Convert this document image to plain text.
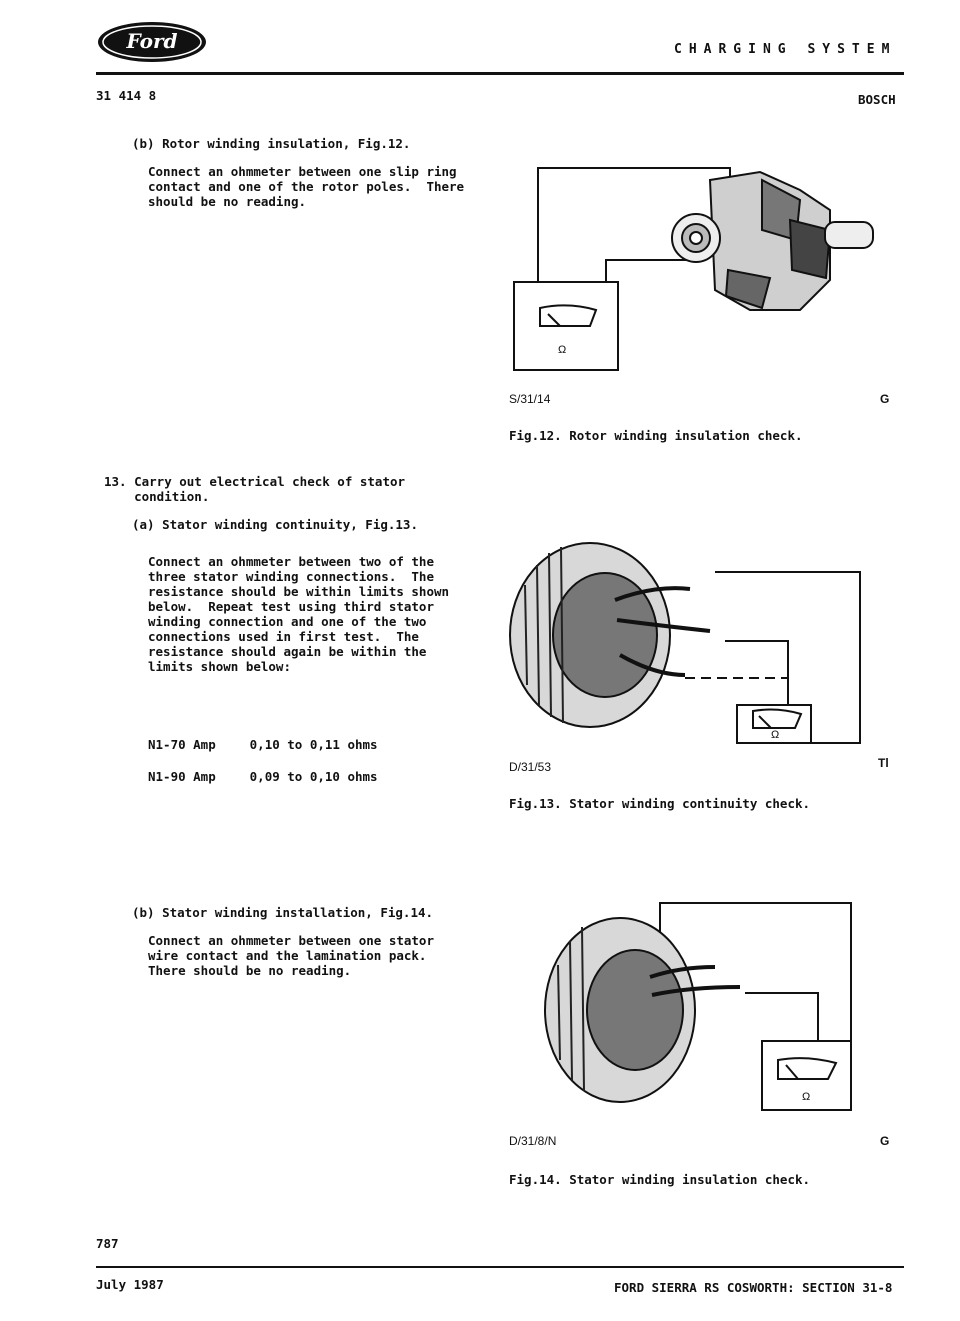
Ford	CHARGING SYSTEM
31 414 8	BOSCH
(b) Rotor winding insulation, Fig.12.
Connect an ohmmeter between one slip ring
contact and one of the rotor poles.  There
should be no reading.
13. Carry out electrical check of stator
condition.
(a) Stator winding continuity, Fig.13.
Connect an ohmmeter between two of the
three stator winding connections.  The
resistance should be within limits shown
below.  Repeat test using third stator
winding connection and one of the two
connections used in first test.  The
resistance should again be within the
limits shown below:
N1-70 Amp	0,10 to 0,11 ohms
N1-90 Amp	0,09 to 0,10 ohms
(b) Stator winding installation, Fig.14.
Connect an ohmmeter between one stator
wire contact and the lamination pack.
There should be no reading.
Ω
S/31/14	G
Fig.12. Rotor winding insulation check.
Ω
D/31/53	Tl
Fig.13. Stator winding continuity check.
Ω
D/31/8/N	G
Fig.14. Stator winding insulation check.
787
July 1987	FORD SIERRA RS COSWORTH: SECTION 31-8
